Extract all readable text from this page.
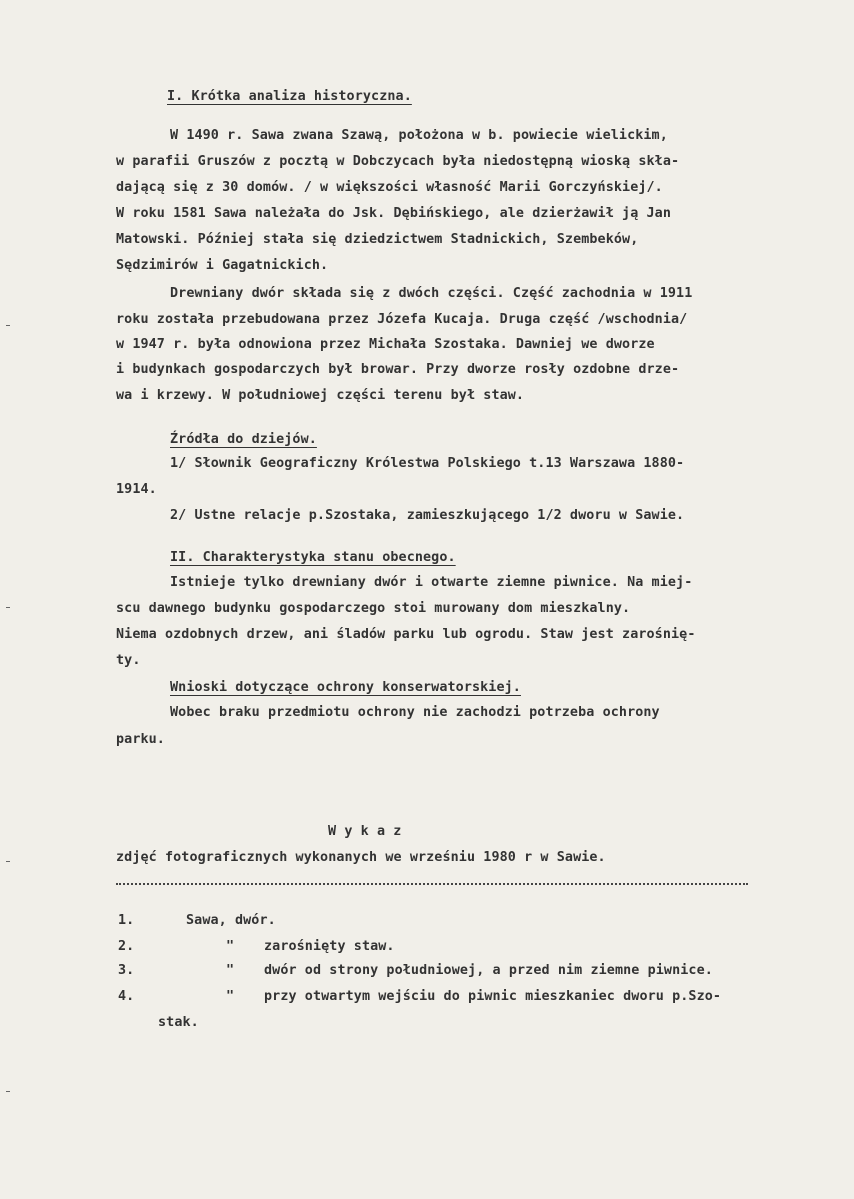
I. Krótka analiza historyczna.
W 1490 r. Sawa zwana Szawą, położona w b. powiecie wielickim,
w parafii Gruszów z pocztą w Dobczycach była niedostępną wioską skła-
dającą się z 30 domów. / w większości własność Marii Gorczyńskiej/.
W roku 1581 Sawa należała do Jsk. Dębińskiego, ale dzierżawił ją Jan
Matowski. Później stała się dziedzictwem Stadnickich, Szembeków,
Sędzimirów i Gagatnickich.
Drewniany dwór składa się z dwóch części. Część zachodnia w 1911
roku została przebudowana przez Józefa Kucaja. Druga część /wschodnia/
w 1947 r. była odnowiona przez Michała Szostaka. Dawniej we dworze
i budynkach gospodarczych był browar. Przy dworze rosły ozdobne drze-
wa i krzewy. W południowej części terenu był staw.
Źródła do dziejów.
1/ Słownik Geograficzny Królestwa Polskiego t.13 Warszawa 1880-
1914.
2/ Ustne relacje p.Szostaka, zamieszkującego 1/2 dworu w Sawie.
II. Charakterystyka stanu obecnego.
Istnieje tylko drewniany dwór i otwarte ziemne piwnice. Na miej-
scu dawnego budynku gospodarczego stoi murowany dom mieszkalny.
Niema ozdobnych drzew, ani śladów parku lub ogrodu. Staw jest zarośnię-
ty.
Wnioski dotyczące ochrony konserwatorskiej.
Wobec braku przedmiotu ochrony nie zachodzi potrzeba ochrony
parku.
W y k a z
zdjęć fotograficznych wykonanych we wrześniu 1980 r w Sawie.
1.	Sawa, dwór.
2.	" zarośnięty staw.
3.	" dwór od strony południowej, a przed nim ziemne piwnice.
4.	" przy otwartym wejściu do piwnic mieszkaniec dworu p.Szo-
stak.
